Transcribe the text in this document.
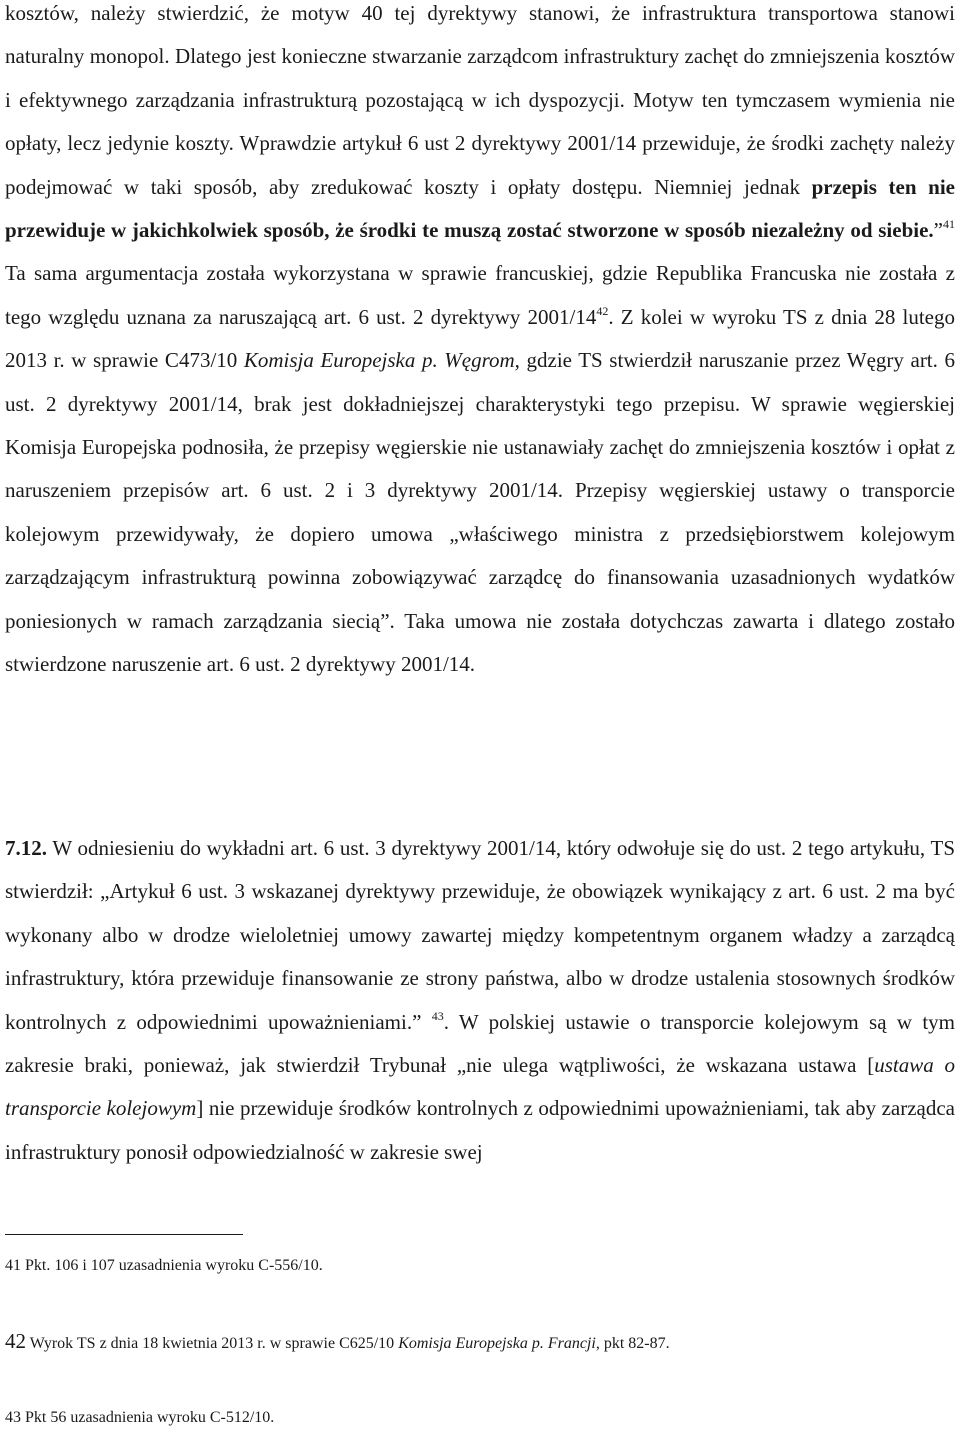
kosztów, należy stwierdzić, że motyw 40 tej dyrektywy stanowi, że infrastruktura transportowa stanowi naturalny monopol. Dlatego jest konieczne stwarzanie zarządcom infrastruktury zachęt do zmniejszenia kosztów i efektywnego zarządzania infrastrukturą pozostającą w ich dyspozycji. Motyw ten tymczasem wymienia nie opłaty, lecz jedynie koszty. Wprawdzie artykuł 6 ust 2 dyrektywy 2001/14 przewiduje, że środki zachęty należy podejmować w taki sposób, aby zredukować koszty i opłaty dostępu. Niemniej jednak przepis ten nie przewiduje w jakichkolwiek sposób, że środki te muszą zostać stworzone w sposób niezależny od siebie.”$^{41}$ Ta sama argumentacja została wykorzystana w sprawie francuskiej, gdzie Republika Francuska nie została z tego względu uznana za naruszającą art. 6 ust. 2 dyrektywy $2001/14^{42}$. Z kolei w wyroku TS z dnia 28 lutego 2013 r. w sprawie C473/10 Komisja Europejska p. Węgrom, gdzie TS stwierdził naruszanie przez Węgry art. 6 ust. 2 dyrektywy 2001/14, brak jest dokładniejszej charakterystyki tego przepisu. W sprawie węgierskiej Komisja Europejska podnosiła, że przepisy węgierskie nie ustanawiały zachęt do zmniejszenia kosztów i opłat z naruszeniem przepisów art. 6 ust. 2 i 3 dyrektywy 2001/14. Przepisy węgierskiej ustawy o transporcie kolejowym przewidywały, że dopiero umowa „właściwego ministra z przedsiębiorstwem kolejowym zarządzającym infrastrukturą powinna zobowiązywać zarządcę do finansowania uzasadnionych wydatków poniesionych w ramach zarządzania siecią”. Taka umowa nie została dotychczas zawarta i dlatego zostało stwierdzone naruszenie art. 6 ust. 2 dyrektywy 2001/14.

7.12. W odniesieniu do wykładni art. 6 ust. 3 dyrektywy 2001/14, który odwołuje się do ust. 2 tego artykułu, TS stwierdził: „Artykuł 6 ust. 3 wskazanej dyrektywy przewiduje, że obowiązek wynikający z art. 6 ust. 2 ma być wykonany albo w drodze wieloletniej umowy zawartej między kompetentnym organem władzy a zarządcą infrastruktury, która przewiduje finansowanie ze strony państwa, albo w drodze ustalenia stosownych środków kontrolnych z odpowiednimi upoważnieniami.” $^{43}$. W polskiej ustawie o transporcie kolejowym są w tym zakresie braki, ponieważ, jak stwierdził Trybunał „nie ulega wątpliwości, że wskazana ustawa [ustawa o transporcie kolejowym] nie przewiduje środków kontrolnych z odpowiednimi upoważnieniami, tak aby zarządca infrastruktury ponosił odpowiedzialność w zakresie swej

41 Pkt. 106 i 107 uzasadnienia wyroku C-556/10.

42 Wyrok TS z dnia 18 kwietnia 2013 r. w sprawie C625/10 Komisja Europejska p. Francji, pkt 82-87.

43 Pkt 56 uzasadnienia wyroku C-512/10.
